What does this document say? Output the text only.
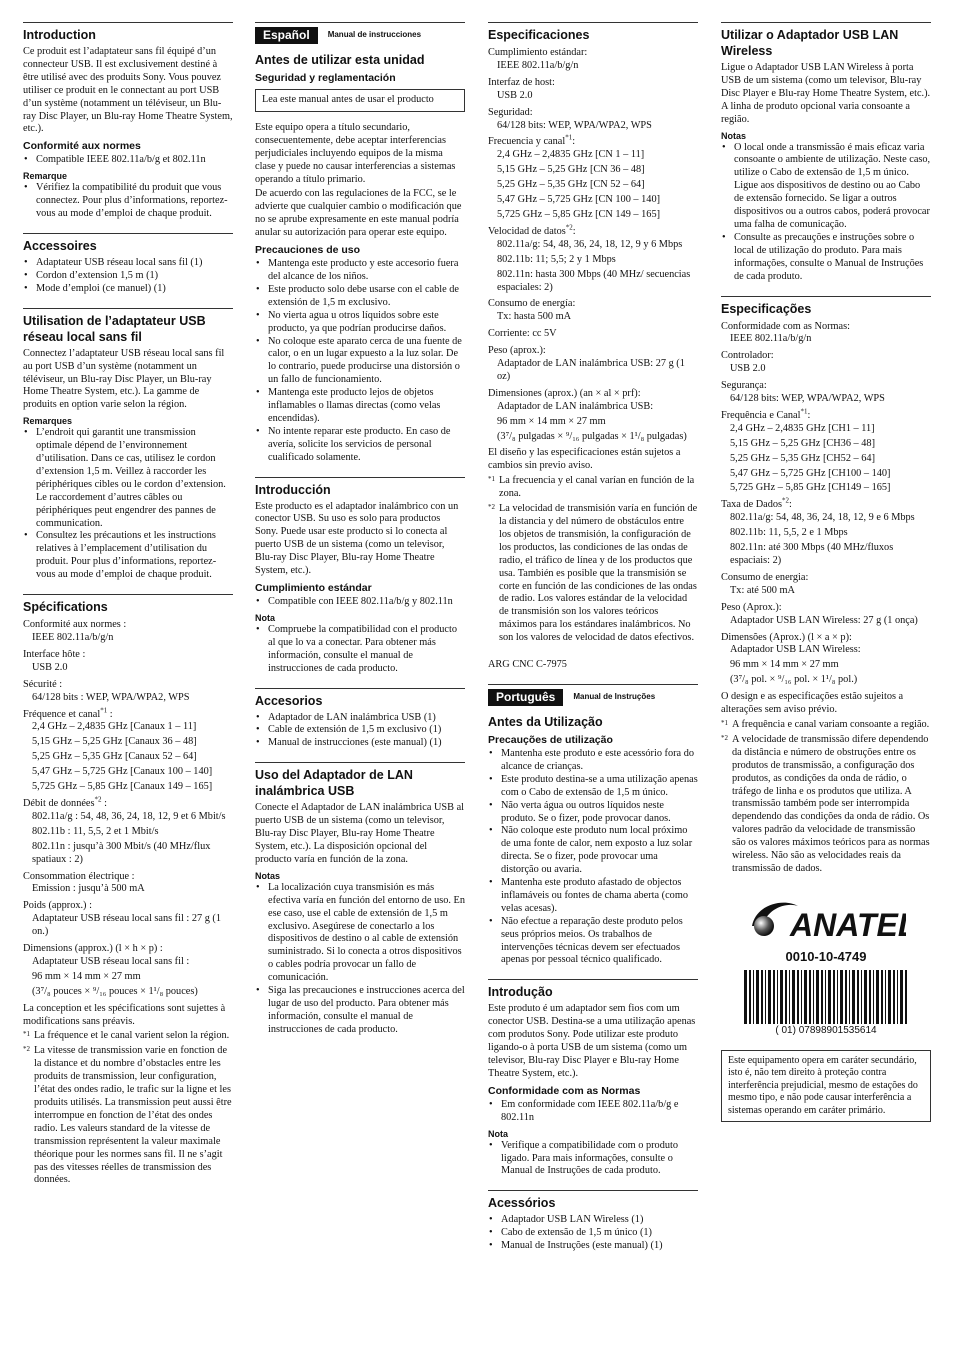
Introduction

Ce produit est l’adaptateur sans fil équipé d’un connecteur USB. Il est exclusivement destiné à être utilisé avec des produits Sony. Vous pouvez utiliser ce produit en le connectant au port USB d’un système (notamment un téléviseur, un Blu-ray Disc Player, un Blu-ray Home Theatre System, etc.).

Conformité aux normes
• Compatible IEEE 802.11a/b/g et 802.11n
Remarque
• Vérifiez la compatibilité du produit que vous connectez. Pour plus d’informations, reportez-vous au mode d’emploi de chaque produit.
Accessoires
• Adaptateur USB réseau local sans fil (1)
• Cordon d’extension 1,5 m (1)
• Mode d’emploi (ce manuel) (1)
Utilisation de l’adaptateur USB réseau local sans fil

Connectez l’adaptateur USB réseau local sans fil au port USB d’un système (notamment un téléviseur, un Blu-ray Disc Player, un Blu-ray Home Theatre System, etc.). La gamme de produits en option varie selon la région.

Remarques
• L’endroit qui garantit une transmission optimale dépend de l’environnement d’utilisation. Dans ce cas, utilisez le cordon d’extension 1,5 m. Veillez à raccorder les périphériques cibles ou le cordon d’extension. Le raccordement d’autres câbles ou périphériques peut engendrer des pannes de communication.
• Consultez les précautions et les instructions relatives à l’emplacement d’utilisation du produit. Pour plus d’informations, reportez-vous au mode d’emploi de chaque produit.
Spécifications

Conformité aux normes :

IEEE 802.11a/b/g/n

Interface hôte :

USB 2.0

Sécurité :

64/128 bits : WEP, WPA/WPA2, WPS

Fréquence et canal$^{*1}$ :

2,4 GHz – 2,4835 GHz [Canaux 1 – 11]

5,15 GHz – 5,25 GHz [Canaux 36 – 48]

5,25 GHz – 5,35 GHz [Canaux 52 – 64]

5,47 GHz – 5,725 GHz [Canaux 100 – 140]

5,725 GHz – 5,85 GHz [Canaux 149 – 165]

Débit de données$^{*2}$ :

802.11a/g : 54, 48, 36, 24, 18, 12, 9 et 6 Mbit/s

802.11b : 11, 5,5, 2 et 1 Mbit/s

802.11n : jusqu’à 300 Mbit/s (40 MHz/flux spatiaux : 2)

Consommation électrique :

Emission : jusqu’à 500 mA

Poids (approx.) :

Adaptateur USB réseau local sans fil : 27 g (1 on.)

Dimensions (approx.) (l × h × p) :

Adaptateur USB réseau local sans fil :

96 mm × 14 mm × 27 mm

(3⁷/₈ pouces × ⁹/₁₆ pouces × 1¹/₈ pouces)

La conception et les spécifications sont sujettes à modifications sans préavis.

*1 La fréquence et le canal varient selon la région.

*2 La vitesse de transmission varie en fonction de la distance et du nombre d’obstacles entre les produits de transmission, leur configuration, l’état des ondes radio, le trafic sur la ligne et les produits utilisés. La transmission peut aussi être interrompue en fonction de l’état des ondes radio. Les valeurs standard de la vitesse de transmission représentent la valeur maximale théorique pour les normes sans fil. Il ne s’agit pas des vitesses réelles de transmission des données.

Español	Manual de instrucciones
Antes de utilizar esta unidad
Seguridad y reglamentación
Lea este manual antes de usar el producto

Este equipo opera a título secundario, consecuentemente, debe aceptar interferencias perjudiciales incluyendo equipos de la misma clase y puede no causar interferencias a sistemas operando a título primario.

De acuerdo con las regulaciones de la FCC, se le advierte que cualquier cambio o modificación que no se aprube expresamente en este manual podría anular su autorización para operar este equipo.

Precauciones de uso
• Mantenga este producto y este accesorio fuera del alcance de los niños.
• Este producto solo debe usarse con el cable de extensión de 1,5 m exclusivo.
• No vierta agua u otros líquidos sobre este producto, ya que podrían producirse daños.
• No coloque este aparato cerca de una fuente de calor, o en un lugar expuesto a la luz solar. De lo contrario, puede producirse una distorsión o un fallo de funcionamiento.
• Mantenga este producto lejos de objetos inflamables o llamas directas (como velas encendidas).
• No intente reparar este producto. En caso de avería, solicite los servicios de personal cualificado solamente.
Introducción

Este producto es el adaptador inalámbrico con un conector USB. Su uso es solo para productos Sony. Puede usar este producto si lo conecta al puerto USB de un sistema (como un televisor, Blu-ray Disc Player, Blu-ray Home Theatre System, etc.).

Cumplimiento estándar
• Compatible con IEEE 802.11a/b/g y 802.11n
Nota
• Compruebe la compatibilidad con el producto al que lo va a conectar. Para obtener más información, consulte el manual de instrucciones de cada producto.
Accesorios
• Adaptador de LAN inalámbrica USB (1)
• Cable de extensión de 1,5 m exclusivo (1)
• Manual de instrucciones (este manual) (1)
Uso del Adaptador de LAN inalámbrica USB

Conecte el Adaptador de LAN inalámbrica USB al puerto USB de un sistema (como un televisor, Blu-ray Disc Player, Blu-ray Home Theatre System, etc.). La disposición opcional del producto varía en función de la zona.

Notas
• La localización cuya transmisión es más efectiva varía en función del entorno de uso. En ese caso, use el cable de extensión de 1,5 m exclusivo. Asegúrese de conectarlo a los dispositivos de destino o al cable de extensión suministrado. Si lo conecta a otros dispositivos o cables podría provocar un fallo de comunicación.
• Siga las precauciones e instrucciones acerca del lugar de uso del producto. Para obtener más información, consulte el manual de instrucciones de cada producto.
Especificaciones

Cumplimiento estándar:

IEEE 802.11a/b/g/n

Interfaz de host:

USB 2.0

Seguridad:

64/128 bits: WEP, WPA/WPA2, WPS

Frecuencia y canal$^{*1}$:

2,4 GHz – 2,4835 GHz [CN 1 – 11]

5,15 GHz – 5,25 GHz [CN 36 – 48]

5,25 GHz – 5,35 GHz [CN 52 – 64]

5,47 GHz – 5,725 GHz [CN 100 – 140]

5,725 GHz – 5,85 GHz [CN 149 – 165]

Velocidad de datos$^{*2}$:

802.11a/g: 54, 48, 36, 24, 18, 12, 9 y 6 Mbps

802.11b: 11; 5,5; 2 y 1 Mbps

802.11n: hasta 300 Mbps (40 MHz/ secuencias espaciales: 2)

Consumo de energía:

Tx: hasta 500 mA

Corriente: cc 5V

Peso (aprox.):

Adaptador de LAN inalámbrica USB: 27 g (1 oz)

Dimensiones (aprox.) (an × al × prf):

Adaptador de LAN inalámbrica USB:

96 mm × 14 mm × 27 mm

(3⁷/₈ pulgadas × ⁹/₁₆ pulgadas × 1¹/₈ pulgadas)

El diseño y las especificaciones están sujetos a cambios sin previo aviso.

*1 La frecuencia y el canal varían en función de la zona.

*2 La velocidad de transmisión varía en función de la distancia y del número de obstáculos entre los objetos de transmisión, la configuración de los productos, las condiciones de las ondas de radio, el tráfico de línea y de los productos que usa. También es posible que la transmisión se corte en función de las condiciones de las ondas de radio. Los valores estándar de la velocidad de transmisión son los valores teóricos máximos para los estándares inalámbricos. No son los valores de velocidad de datos efectivos.

ARG CNC C-7975

Português	Manual de Instruções
Antes da Utilização
Precauções de utilização
• Mantenha este produto e este acessório fora do alcance de crianças.
• Este produto destina-se a uma utilização apenas com o Cabo de extensão de 1,5 m único.
• Não verta água ou outros líquidos neste produto. Se o fizer, pode provocar danos.
• Não coloque este produto num local próximo de uma fonte de calor, nem exposto a luz solar directa. Se o fizer, pode provocar uma distorção ou avaria.
• Mantenha este produto afastado de objectos inflamáveis ou fontes de chama aberta (como velas acesas).
• Não efectue a reparação deste produto pelos seus próprios meios. Os trabalhos de intervenções técnicas devem ser efectuados apenas por pessoal técnico qualificado.
Introdução

Este produto é um adaptador sem fios com um conector USB. Destina-se a uma utilização apenas com produtos Sony. Pode utilizar este produto ligando-o à porta USB de um sistema (como um televisor, Blu-ray Disc Player e Blu-ray Home Theatre System, etc.).

Conformidade com as Normas
• Em conformidade com IEEE 802.11a/b/g e 802.11n
Nota
• Verifique a compatibilidade com o produto ligado. Para mais informações, consulte o Manual de Instruções de cada produto.
Acessórios
• Adaptador USB LAN Wireless (1)
• Cabo de extensão de 1,5 m único (1)
• Manual de Instruções (este manual) (1)
Utilizar o Adaptador USB LAN Wireless

Ligue o Adaptador USB LAN Wireless à porta USB de um sistema (como um televisor, Blu-ray Disc Player e Blu-ray Home Theatre System, etc.). A linha de produto opcional varia consoante a região.

Notas
• O local onde a transmissão é mais eficaz varia consoante o ambiente de utilização. Neste caso, utilize o Cabo de extensão de 1,5 m único. Ligue aos dispositivos de destino ou ao Cabo de extensão fornecido. Se ligar a outros dispositivos ou a outros cabos, poderá provocar uma falha de comunicação.
• Consulte as precauções e instruções sobre o local de utilização do produto. Para mais informações, consulte o Manual de Instruções de cada produto.
Especificações

Conformidade com as Normas:

IEEE 802.11a/b/g/n

Controlador:

USB 2.0

Segurança:

64/128 bits: WEP, WPA/WPA2, WPS

Frequência e Canal$^{*1}$:

2,4 GHz – 2,4835 GHz [CH1 – 11]

5,15 GHz – 5,25 GHz [CH36 – 48]

5,25 GHz – 5,35 GHz [CH52 – 64]

5,47 GHz – 5,725 GHz [CH100 – 140]

5,725 GHz – 5,85 GHz [CH149 – 165]

Taxa de Dados$^{*2}$:

802.11a/g: 54, 48, 36, 24, 18, 12, 9 e 6 Mbps

802.11b: 11, 5,5, 2 e 1 Mbps

802.11n: até 300 Mbps (40 MHz/fluxos espaciais: 2)

Consumo de energia:

Tx: até 500 mA

Peso (Aprox.):

Adaptador USB LAN Wireless: 27 g (1 onça)

Dimensões (Aprox.) (l × a × p):

Adaptador USB LAN Wireless:

96 mm × 14 mm × 27 mm

(3⁷/₈ pol. × ⁹/₁₆ pol. × 1¹/₈ pol.)

O design e as especificações estão sujeitos a alterações sem aviso prévio.

*1 A frequência e canal variam consoante a região.

*2 A velocidade de transmissão difere dependendo da distância e número de obstruções entre os produtos de transmissão, a configuração dos produtos, as condições da onda de rádio, o tráfego de linha e os produtos que utiliza. A transmissão também pode ser interrompida dependendo das condições da onda de rádio. Os valores padrão da velocidade de transmissão são os valores máximos teóricos para as normas wireless. Não são as velocidades reais da transmissão de dados.

ANATEL
0010-10-4749
( 01) 07898901535614
Este equipamento opera em caráter secundário, isto é, não tem direito à proteção contra interferência prejudicial, mesmo de estações do mesmo tipo, e não pode causar interferência a sistemas operando em caráter primário.
